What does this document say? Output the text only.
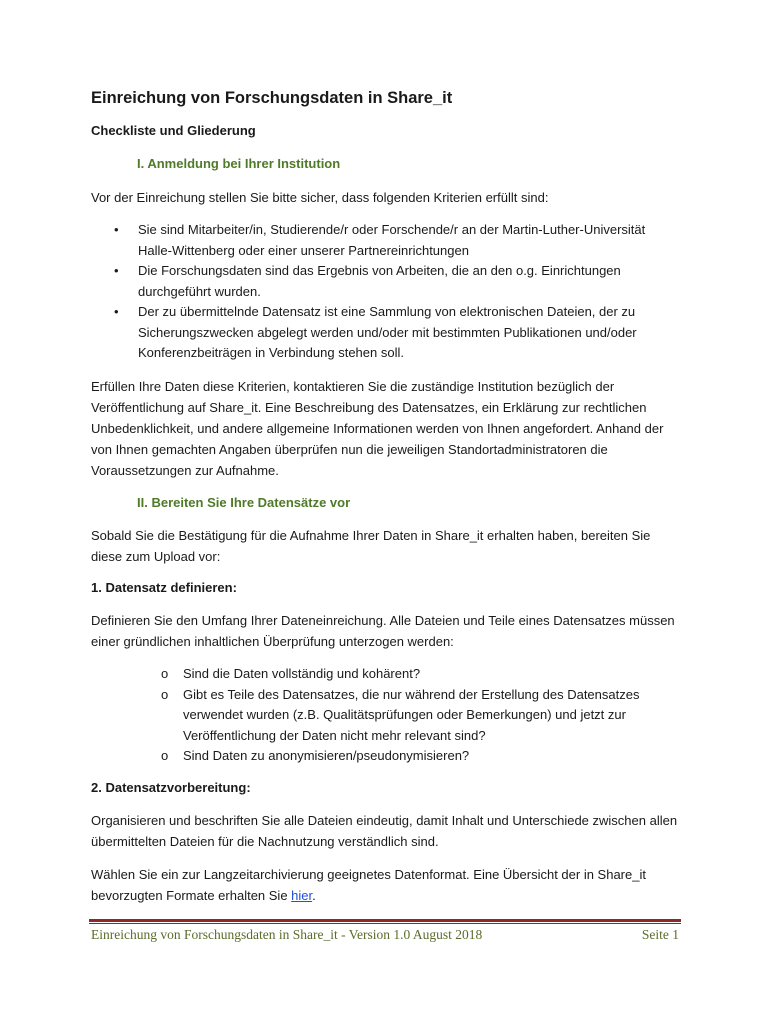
Einreichung von Forschungsdaten in Share_it
Checkliste und Gliederung
I. Anmeldung bei Ihrer Institution

Vor der Einreichung stellen Sie bitte sicher, dass folgenden Kriterien erfüllt sind:

• Sie sind Mitarbeiter/in, Studierende/r oder Forschende/r an der Martin-Luther-Universität Halle-Wittenberg oder einer unserer Partnereinrichtungen
• Die Forschungsdaten sind das Ergebnis von Arbeiten, die an den o.g. Einrichtungen durchgeführt wurden.
• Der zu übermittelnde Datensatz ist eine Sammlung von elektronischen Dateien, der zu Sicherungszwecken abgelegt werden und/oder mit bestimmten Publikationen und/oder Konferenzbeiträgen in Verbindung stehen soll.

Erfüllen Ihre Daten diese Kriterien, kontaktieren Sie die zuständige Institution bezüglich der Veröffentlichung auf Share_it. Eine Beschreibung des Datensatzes, ein Erklärung zur rechtlichen Unbedenklichkeit, und andere allgemeine Informationen werden von Ihnen angefordert. Anhand der von Ihnen gemachten Angaben überprüfen nun die jeweiligen Standortadministratoren die Voraussetzungen zur Aufnahme.

II. Bereiten Sie Ihre Datensätze vor

Sobald Sie die Bestätigung für die Aufnahme Ihrer Daten in Share_it erhalten haben, bereiten Sie diese zum Upload vor:

1. Datensatz definieren:

Definieren Sie den Umfang Ihrer Dateneinreichung. Alle Dateien und Teile eines Datensatzes müssen einer gründlichen inhaltlichen Überprüfung unterzogen werden:

o Sind die Daten vollständig und kohärent?
o Gibt es Teile des Datensatzes, die nur während der Erstellung des Datensatzes verwendet wurden (z.B. Qualitätsprüfungen oder Bemerkungen) und jetzt zur Veröffentlichung der Daten nicht mehr relevant sind?
o Sind Daten zu anonymisieren/pseudonymisieren?
2. Datensatzvorbereitung:

Organisieren und beschriften Sie alle Dateien eindeutig, damit Inhalt und Unterschiede zwischen allen übermittelten Dateien für die Nachnutzung verständlich sind.

Wählen Sie ein zur Langzeitarchivierung geeignetes Datenformat. Eine Übersicht der in Share_it bevorzugten Formate erhalten Sie hier.

Einreichung von Forschungsdaten in Share_it - Version 1.0 August 2018	Seite 1
